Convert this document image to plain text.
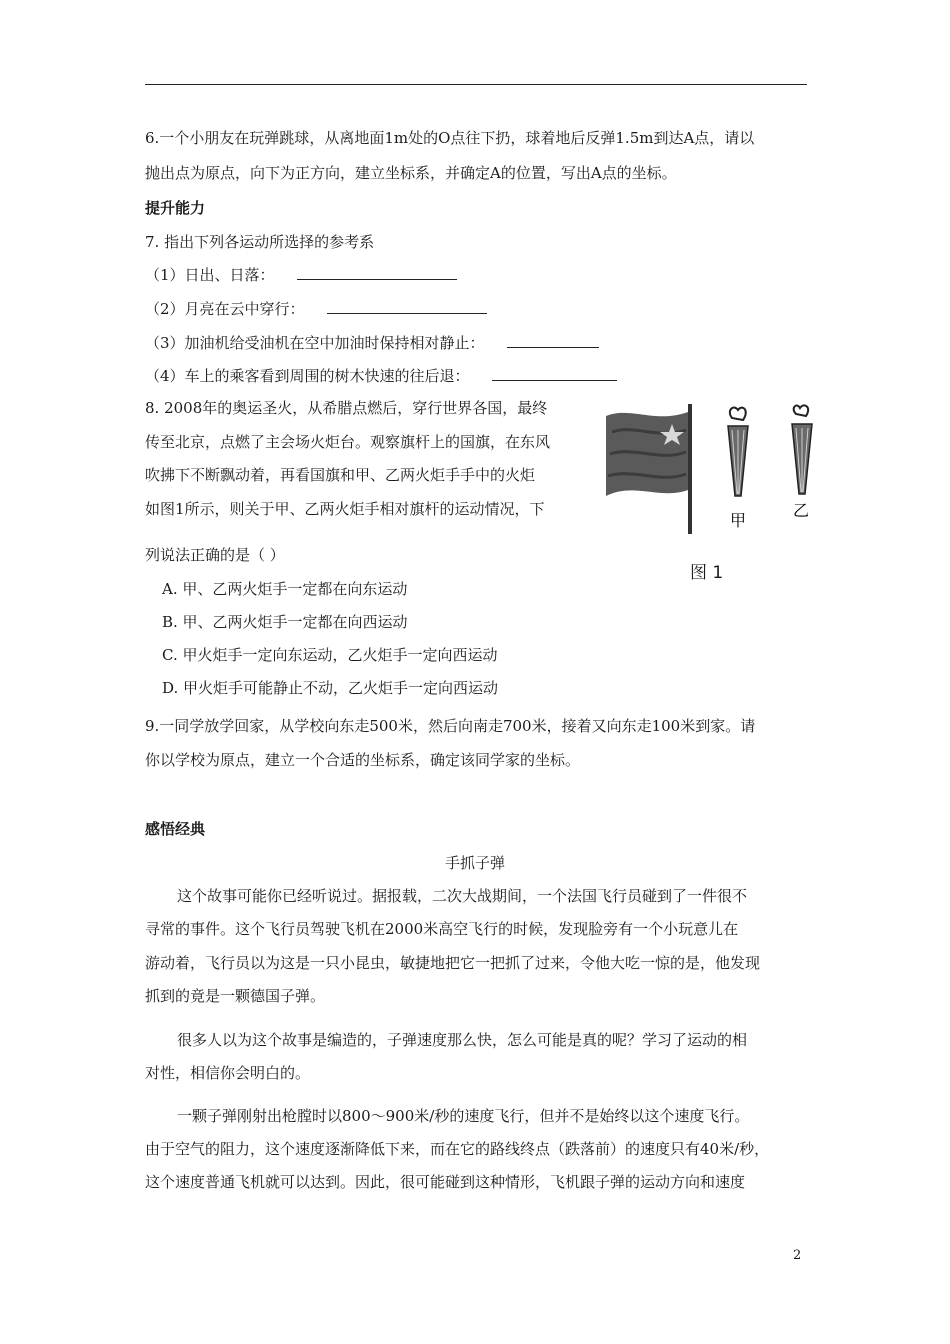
6.一个小朋友在玩弹跳球，从离地面1m处的O点往下扔，球着地后反弹1.5m到达A点，请以
抛出点为原点，向下为正方向，建立坐标系，并确定A的位置，写出A点的坐标。
提升能力
7. 指出下列各运动所选择的参考系
（1）日出、日落：
（2）月亮在云中穿行：
（3）加油机给受油机在空中加油时保持相对静止：
（4）车上的乘客看到周围的树木快速的往后退：
8. 2008年的奥运圣火，从希腊点燃后，穿行世界各国，最终
传至北京，点燃了主会场火炬台。观察旗杆上的国旗，在东风
吹拂下不断飘动着，再看国旗和甲、乙两火炬手手中的火炬
如图1所示，则关于甲、乙两火炬手相对旗杆的运动情况，下
列说法正确的是（ ）
A. 甲、乙两火炬手一定都在向东运动
B. 甲、乙两火炬手一定都在向西运动
C. 甲火炬手一定向东运动，乙火炬手一定向西运动
D. 甲火炬手可能静止不动，乙火炬手一定向西运动
甲
乙
图 1
9.一同学放学回家，从学校向东走500米，然后向南走700米，接着又向东走100米到家。请
你以学校为原点，建立一个合适的坐标系，确定该同学家的坐标。
感悟经典
手抓子弹
这个故事可能你已经听说过。据报载，二次大战期间，一个法国飞行员碰到了一件很不
寻常的事件。这个飞行员驾驶飞机在2000米高空飞行的时候，发现脸旁有一个小玩意儿在
游动着，飞行员以为这是一只小昆虫，敏捷地把它一把抓了过来，令他大吃一惊的是，他发现
抓到的竟是一颗德国子弹。
很多人以为这个故事是编造的，子弹速度那么快，怎么可能是真的呢？学习了运动的相
对性，相信你会明白的。
一颗子弹刚射出枪膛时以800～900米/秒的速度飞行，但并不是始终以这个速度飞行。
由于空气的阻力，这个速度逐渐降低下来，而在它的路线终点（跌落前）的速度只有40米/秒，
这个速度普通飞机就可以达到。因此，很可能碰到这种情形，飞机跟子弹的运动方向和速度
2
